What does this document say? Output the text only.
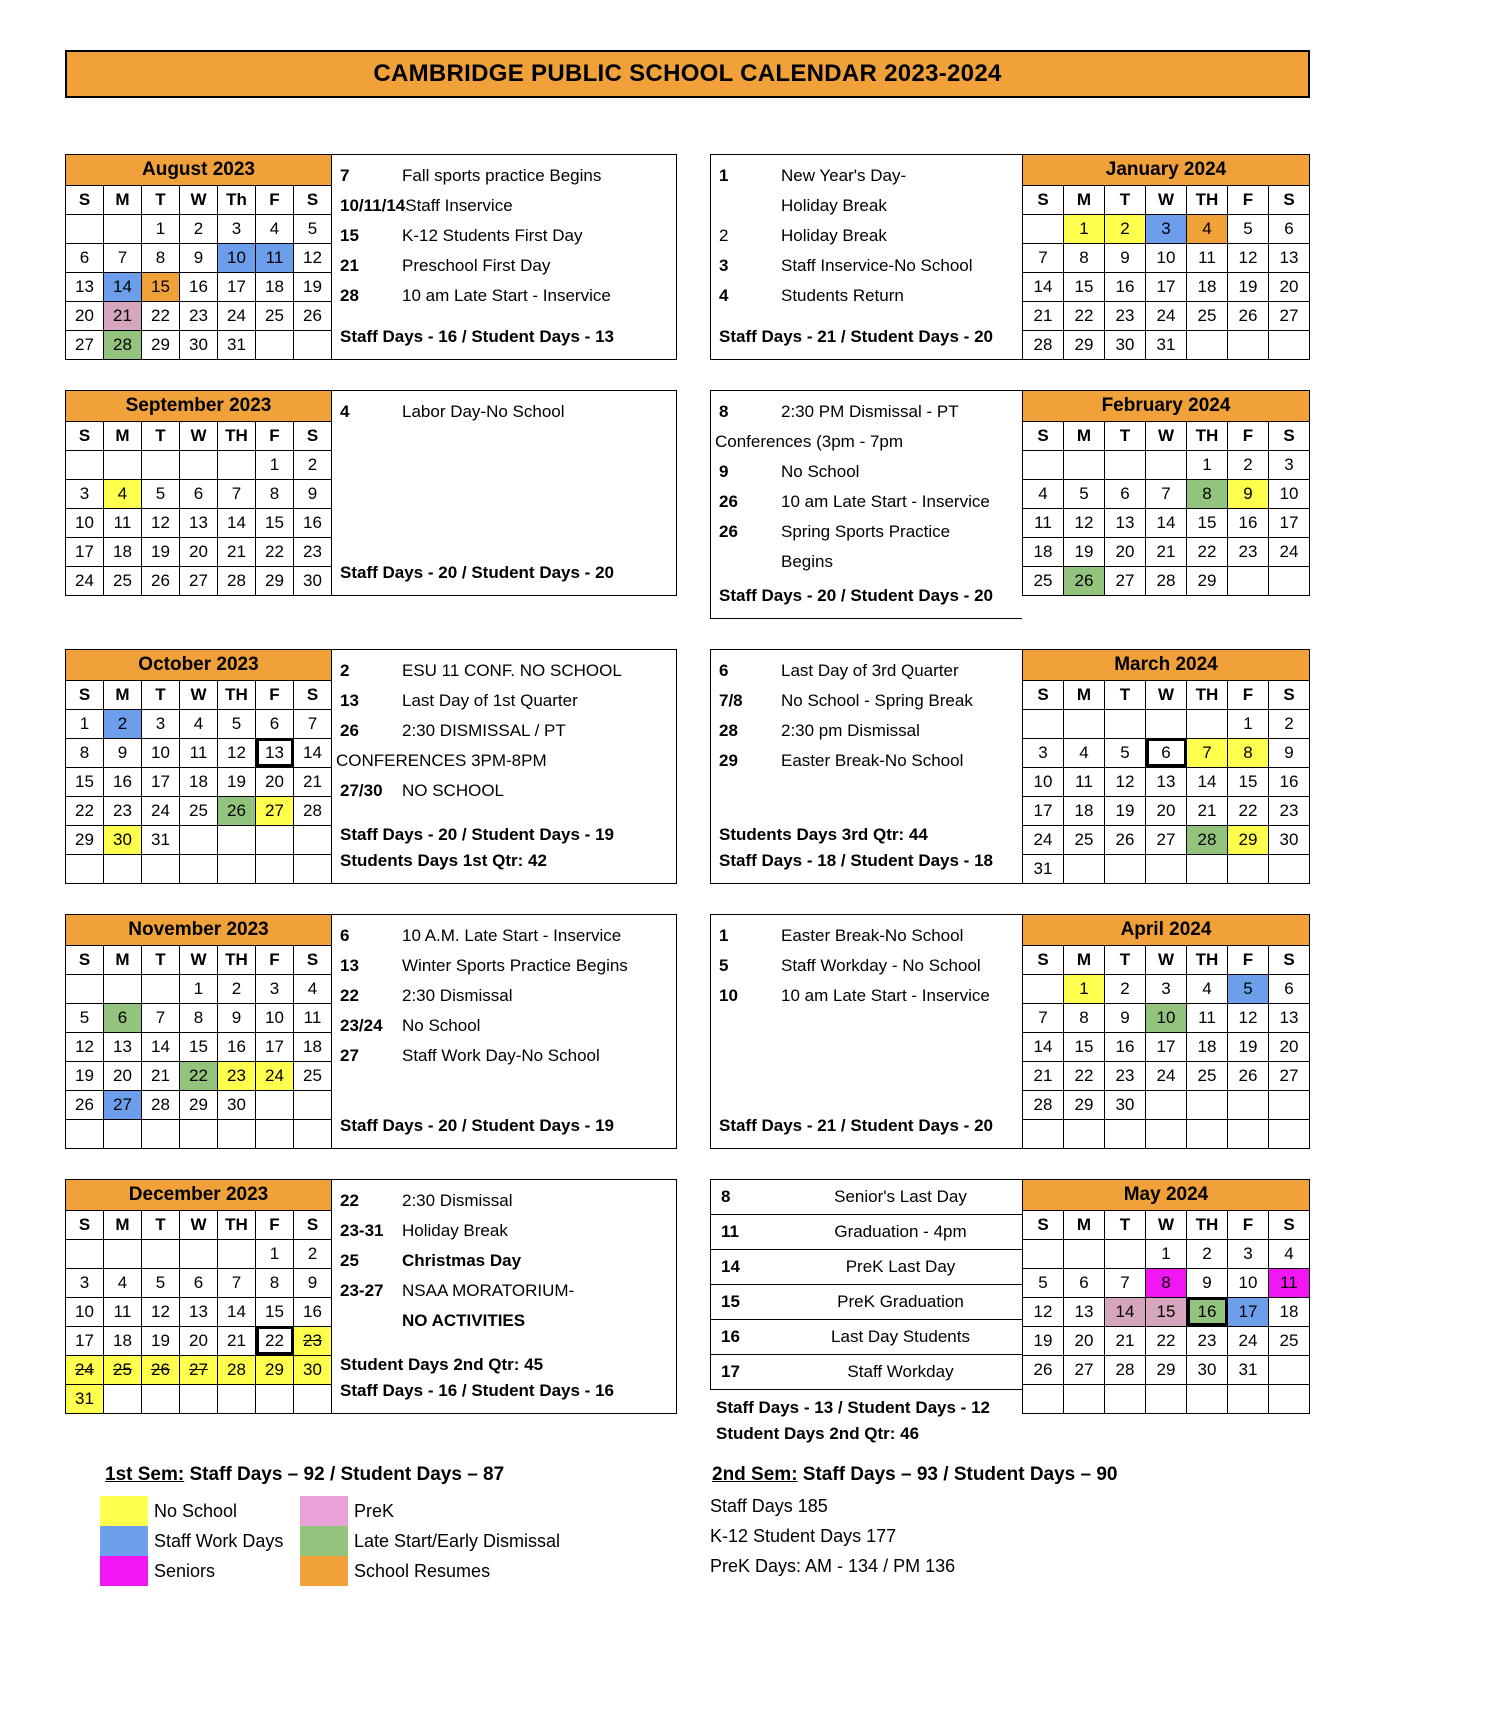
CAMBRIDGE PUBLIC SCHOOL CALENDAR 2023-2024
August 2023						
S	M	T	W	Th	F	S
		1	2	3	4	5
6	7	8	9	10	11	12
13	14	15	16	17	18	19
20	21	22	23	24	25	26
27	28	29	30	31		
7	Fall sports practice Begins
10/11/14 Staff Inservice
15	K-12 Students First Day
21	Preschool First Day
28	10 am Late Start - Inservice
Staff Days - 16 / Student Days - 13
1	New Year's Day-
Holiday Break
2	Holiday Break
3	Staff Inservice-No School
4	Students Return
Staff Days - 21 / Student Days - 20
January 2024						
S	M	T	W	TH	F	S
	1	2	3	4	5	6
7	8	9	10	11	12	13
14	15	16	17	18	19	20
21	22	23	24	25	26	27
28	29	30	31			
September 2023						
S	M	T	W	TH	F	S
					1	2
3	4	5	6	7	8	9
10	11	12	13	14	15	16
17	18	19	20	21	22	23
24	25	26	27	28	29	30
4	Labor Day-No School
Staff Days - 20 / Student Days - 20
8	2:30 PM Dismissal - PT
Conferences (3pm - 7pm
9	No School
26	10 am Late Start - Inservice
26	Spring Sports Practice
Begins
Staff Days - 20 / Student Days - 20
February 2024						
S	M	T	W	TH	F	S
				1	2	3
4	5	6	7	8	9	10
11	12	13	14	15	16	17
18	19	20	21	22	23	24
25	26	27	28	29		
October 2023						
S	M	T	W	TH	F	S
1	2	3	4	5	6	7
8	9	10	11	12	13	14
15	16	17	18	19	20	21
22	23	24	25	26	27	28
29	30	31				

2	ESU 11 CONF. NO SCHOOL
13	Last Day of 1st Quarter
26	2:30 DISMISSAL / PT
CONFERENCES 3PM-8PM
27/30	NO SCHOOL
Staff Days - 20 / Student Days - 19
Students Days 1st Qtr: 42
6	Last Day of 3rd Quarter
7/8	No School - Spring Break
28	2:30 pm Dismissal
29	Easter Break-No School
Students Days 3rd Qtr: 44
Staff Days - 18 / Student Days - 18
March 2024						
S	M	T	W	TH	F	S
					1	2
3	4	5	6	7	8	9
10	11	12	13	14	15	16
17	18	19	20	21	22	23
24	25	26	27	28	29	30
31						
November 2023						
S	M	T	W	TH	F	S
			1	2	3	4
5	6	7	8	9	10	11
12	13	14	15	16	17	18
19	20	21	22	23	24	25
26	27	28	29	30		

6	10 A.M. Late Start - Inservice
13	Winter Sports Practice Begins
22	2:30 Dismissal
23/24	No School
27	Staff Work Day-No School
Staff Days - 20 / Student Days - 19
1	Easter Break-No School
5	Staff Workday - No School
10	10 am Late Start - Inservice
Staff Days - 21 / Student Days - 20
April 2024						
S	M	T	W	TH	F	S
	1	2	3	4	5	6
7	8	9	10	11	12	13
14	15	16	17	18	19	20
21	22	23	24	25	26	27
28	29	30				

December 2023						
S	M	T	W	TH	F	S
					1	2
3	4	5	6	7	8	9
10	11	12	13	14	15	16
17	18	19	20	21	22	23
24	25	26	27	28	29	30
31						
22	2:30 Dismissal
23-31	Holiday Break
25	Christmas Day
23-27	NSAA MORATORIUM-
NO ACTIVITIES
Student Days 2nd Qtr: 45
Staff Days - 16 / Student Days - 16
8	Senior's Last Day
11	Graduation - 4pm
14	PreK Last Day
15	PreK Graduation
16	Last Day Students
17	Staff Workday
Staff Days - 13 / Student Days - 12
Student Days 2nd Qtr: 46
May 2024						
S	M	T	W	TH	F	S
			1	2	3	4
5	6	7	8	9	10	11
12	13	14	15	16	17	18
19	20	21	22	23	24	25
26	27	28	29	30	31	

1st Sem: Staff Days – 92 / Student Days – 87
No School	PreK
Staff Work Days	Late Start/Early Dismissal
Seniors	School Resumes
2nd Sem: Staff Days – 93 / Student Days – 90
Staff Days 185
K-12 Student Days 177
PreK Days: AM - 134 / PM 136
